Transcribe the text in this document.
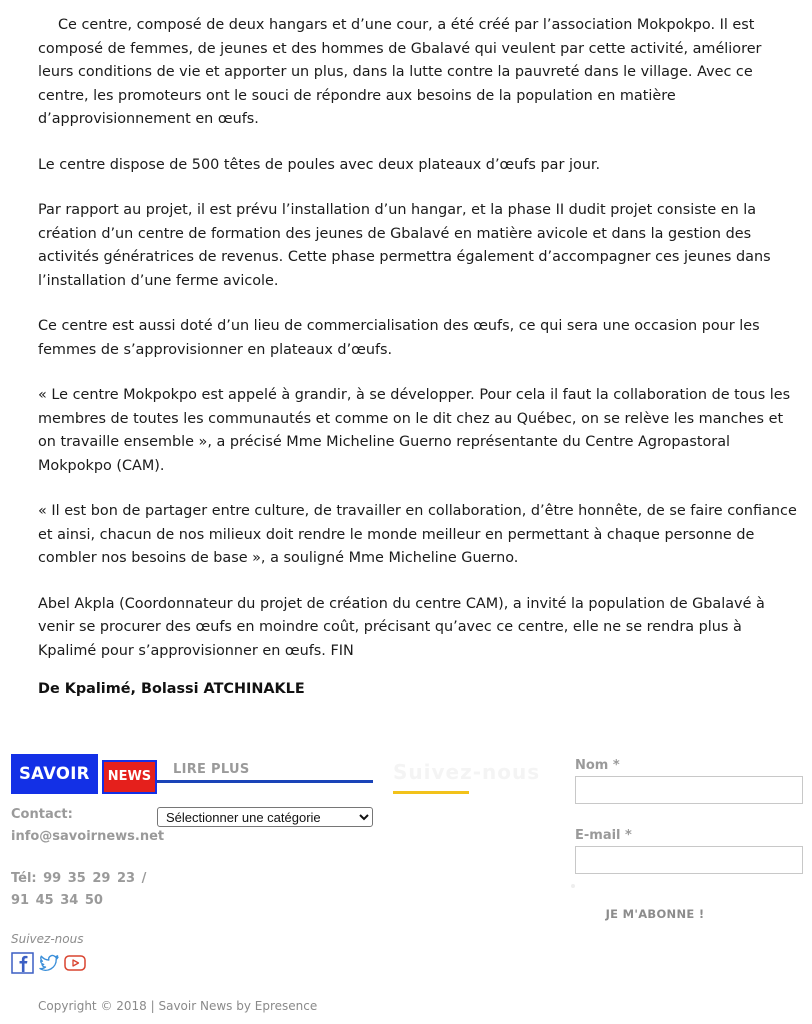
Ce centre, composé de deux hangars et d’une cour, a été créé par l’association Mokpokpo. Il est composé de femmes, de jeunes et des hommes de Gbalavé qui veulent par cette activité, améliorer leurs conditions de vie et apporter un plus, dans la lutte contre la pauvreté dans le village. Avec ce centre, les promoteurs ont le souci de répondre aux besoins de la population en matière d’approvisionnement en œufs.

Le centre dispose de 500 têtes de poules avec deux plateaux d’œufs par jour.

Par rapport au projet, il est prévu l’installation d’un hangar, et la phase II dudit projet consiste en la création d’un centre de formation des jeunes de Gbalavé en matière avicole et dans la gestion des activités génératrices de revenus. Cette phase permettra également d’accompagner ces jeunes dans l’installation d’une ferme avicole.

Ce centre est aussi doté d’un lieu de commercialisation des œufs, ce qui sera une occasion pour les femmes de s’approvisionner en plateaux d’œufs.

« Le centre Mokpokpo est appelé à grandir, à se développer. Pour cela il faut la collaboration de tous les membres de toutes les communautés et comme on le dit chez au Québec, on se relève les manches et on travaille ensemble », a précisé Mme Micheline Guerno représentante du Centre Agropastoral Mokpokpo (CAM).

« Il est bon de partager entre culture, de travailler en collaboration, d’être honnête, de se faire confiance et ainsi, chacun de nos milieux doit rendre le monde meilleur en permettant à chaque personne de combler nos besoins de base », a souligné Mme Micheline Guerno.

Abel Akpla (Coordonnateur du projet de création du centre CAM), a invité la population de Gbalavé à venir se procurer des œufs en moindre coût, précisant qu’avec ce centre, elle ne se rendra plus à Kpalimé pour s’approvisionner en œufs. FIN

De Kpalimé, Bolassi ATCHINAKLE
SAVOIR	NEWS	LIRE PLUS	Suivez-nous
Contact:
info@savoirnews.net
Tél: 99 35 29 23 / 91 45 34 50
Sélectionner une catégorie
Suivez-nous
Nom *
E-mail *
JE M'ABONNE !
Copyright © 2018 | Savoir News by Epresence
